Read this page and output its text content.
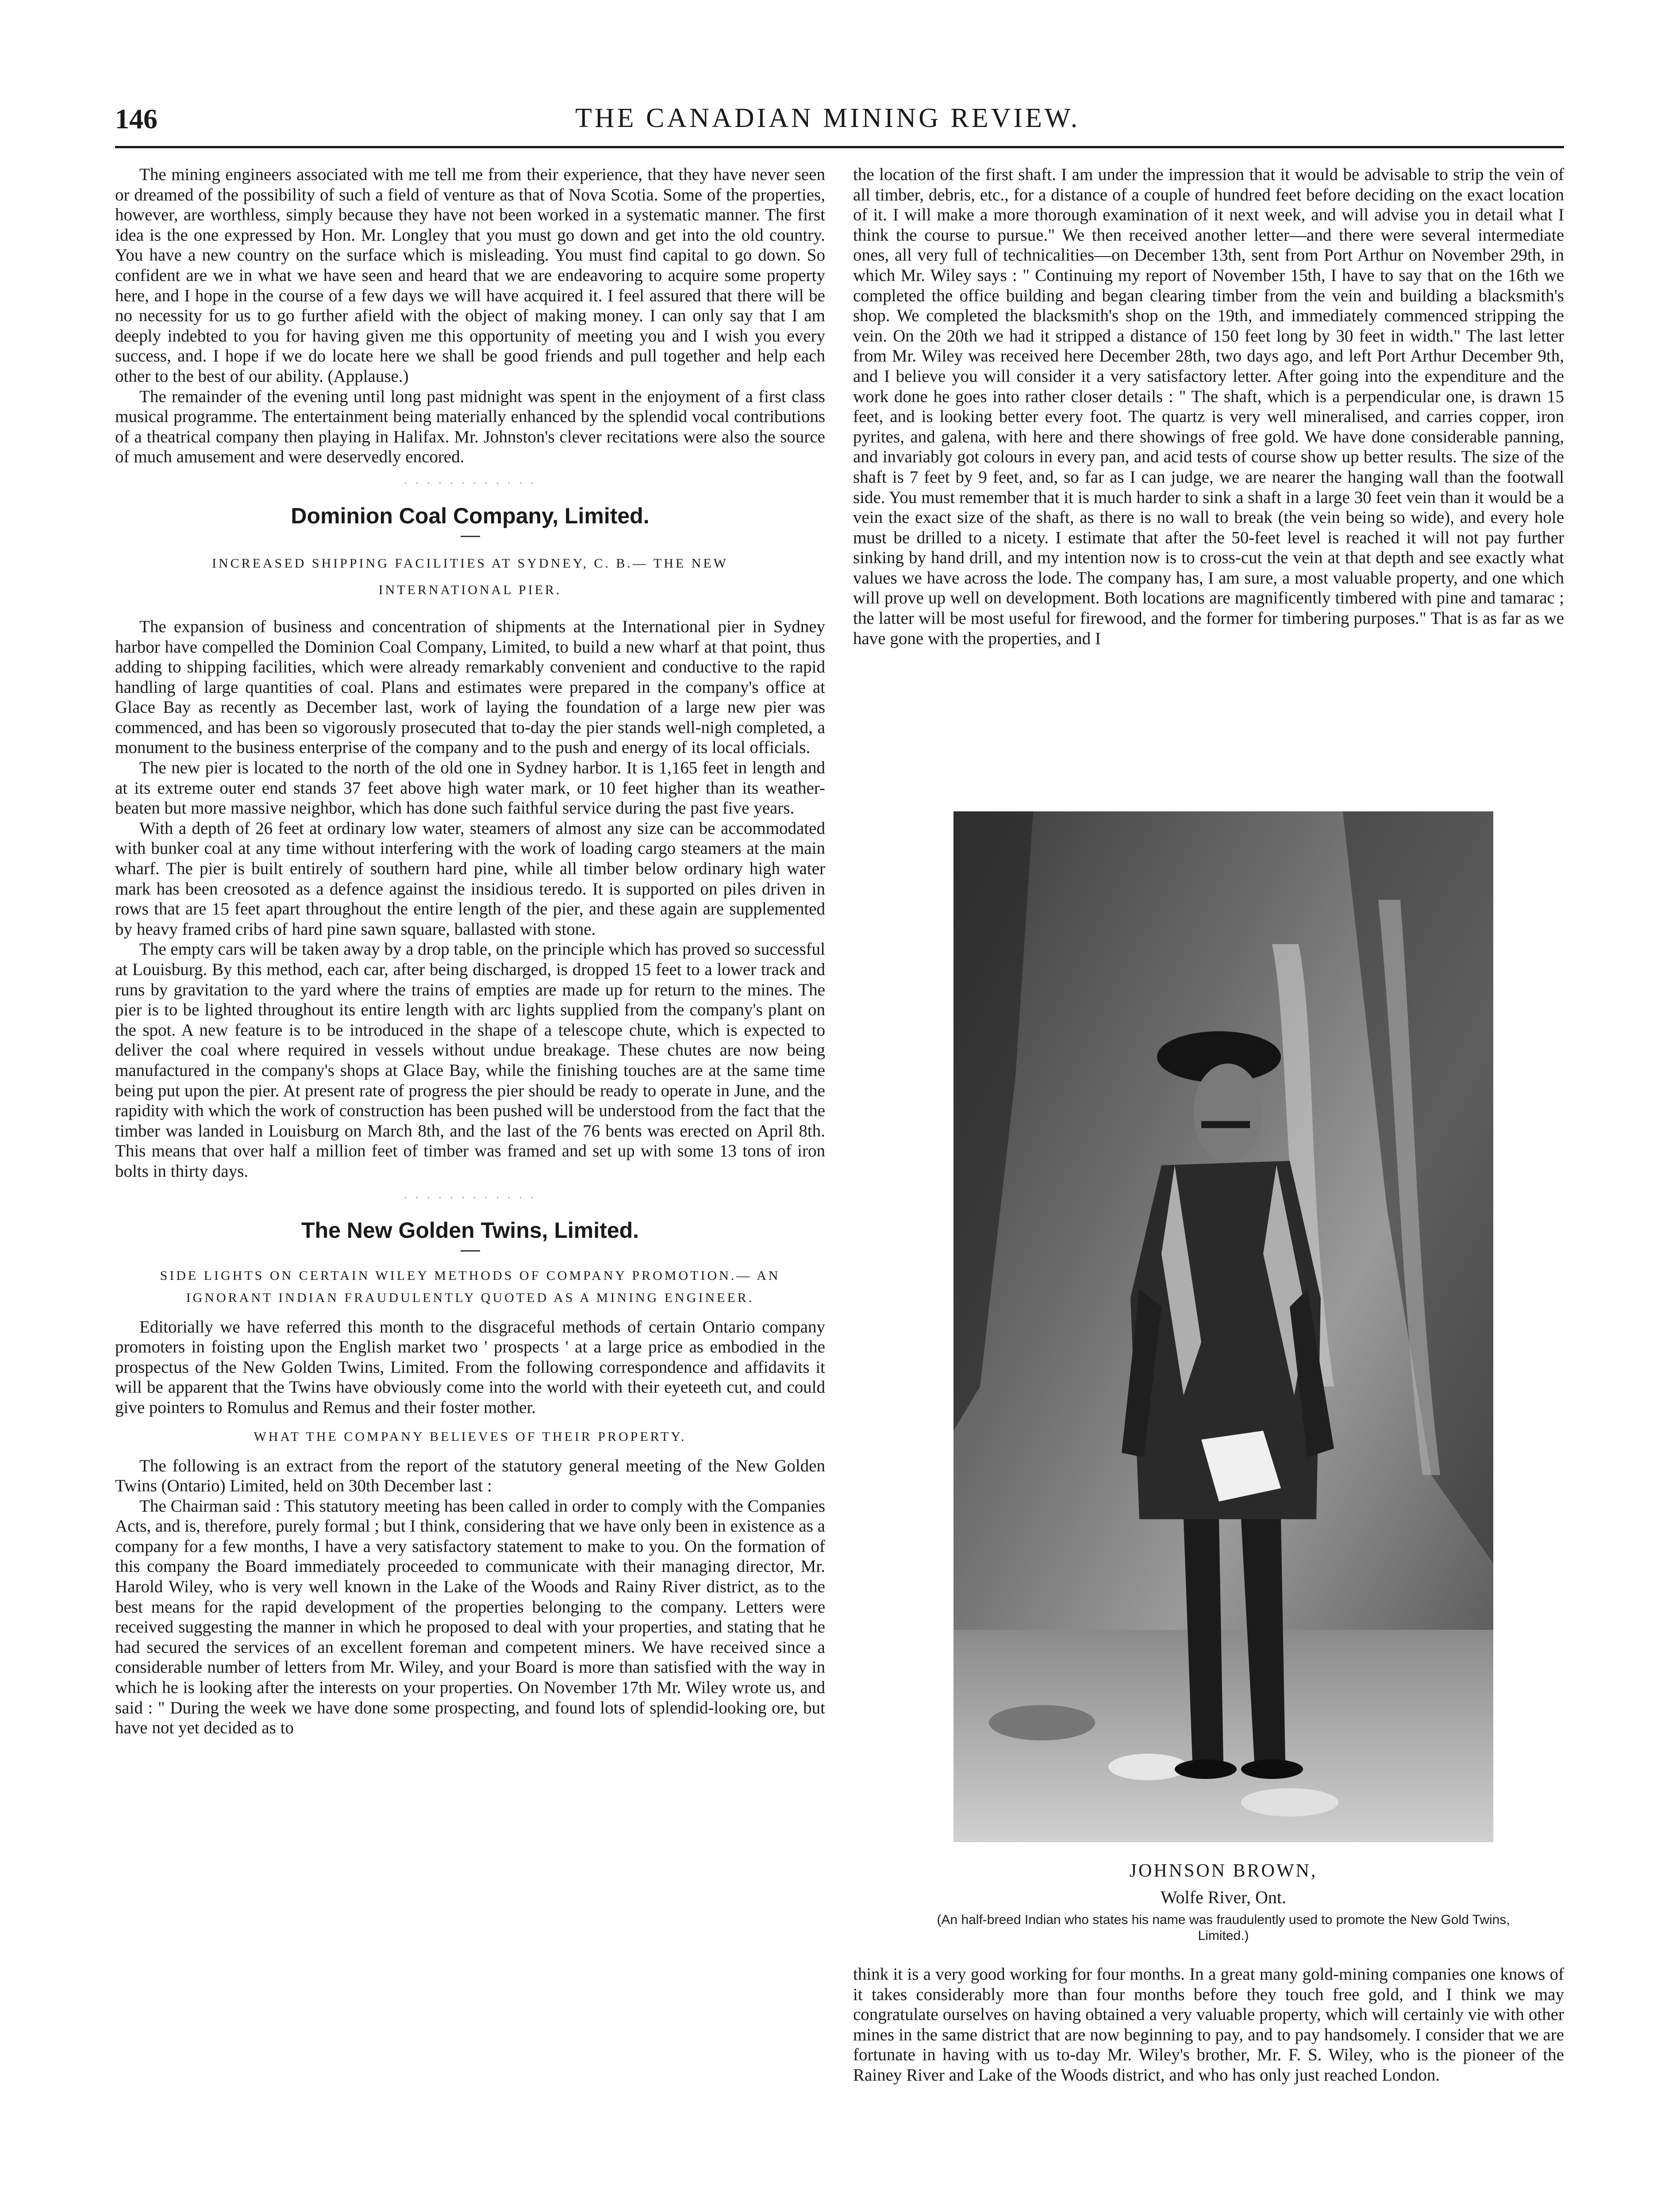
146	THE CANADIAN MINING REVIEW.

The mining engineers associated with me tell me from their experience, that they have never seen or dreamed of the possibility of such a field of venture as that of Nova Scotia. Some of the properties, however, are worthless, simply because they have not been worked in a systematic manner. The first idea is the one expressed by Hon. Mr. Longley that you must go down and get into the old country. You have a new country on the surface which is misleading. You must find capital to go down. So confident are we in what we have seen and heard that we are endeavoring to acquire some property here, and I hope in the course of a few days we will have acquired it. I feel assured that there will be no necessity for us to go further afield with the object of making money. I can only say that I am deeply indebted to you for having given me this opportunity of meeting you and I wish you every success, and. I hope if we do locate here we shall be good friends and pull together and help each other to the best of our ability. (Applause.)

The remainder of the evening until long past midnight was spent in the enjoyment of a first class musical programme. The entertainment being materially enhanced by the splendid vocal contributions of a theatrical company then playing in Halifax. Mr. Johnston's clever recitations were also the source of much amusement and were deservedly encored.

· · · · · · · · · · · ·
Dominion Coal Company, Limited.
INCREASED SHIPPING FACILITIES AT SYDNEY, C. B.— THE NEW
INTERNATIONAL PIER.

The expansion of business and concentration of shipments at the International pier in Sydney harbor have compelled the Dominion Coal Company, Limited, to build a new wharf at that point, thus adding to shipping facilities, which were already remarkably convenient and conductive to the rapid handling of large quantities of coal. Plans and estimates were prepared in the company's office at Glace Bay as recently as December last, work of laying the foundation of a large new pier was commenced, and has been so vigorously prosecuted that to-day the pier stands well-nigh completed, a monument to the business enterprise of the company and to the push and energy of its local officials.

The new pier is located to the north of the old one in Sydney harbor. It is 1,165 feet in length and at its extreme outer end stands 37 feet above high water mark, or 10 feet higher than its weather-beaten but more massive neighbor, which has done such faithful service during the past five years.

With a depth of 26 feet at ordinary low water, steamers of almost any size can be accommodated with bunker coal at any time without interfering with the work of loading cargo steamers at the main wharf. The pier is built entirely of southern hard pine, while all timber below ordinary high water mark has been creosoted as a defence against the insidious teredo. It is supported on piles driven in rows that are 15 feet apart throughout the entire length of the pier, and these again are supplemented by heavy framed cribs of hard pine sawn square, ballasted with stone.

The empty cars will be taken away by a drop table, on the principle which has proved so successful at Louisburg. By this method, each car, after being discharged, is dropped 15 feet to a lower track and runs by gravitation to the yard where the trains of empties are made up for return to the mines. The pier is to be lighted throughout its entire length with arc lights supplied from the company's plant on the spot. A new feature is to be introduced in the shape of a telescope chute, which is expected to deliver the coal where required in vessels without undue breakage. These chutes are now being manufactured in the company's shops at Glace Bay, while the finishing touches are at the same time being put upon the pier. At present rate of progress the pier should be ready to operate in June, and the rapidity with which the work of construction has been pushed will be understood from the fact that the timber was landed in Louisburg on March 8th, and the last of the 76 bents was erected on April 8th. This means that over half a million feet of timber was framed and set up with some 13 tons of iron bolts in thirty days.

· · · · · · · · · · · ·
The New Golden Twins, Limited.
SIDE LIGHTS ON CERTAIN WILEY METHODS OF COMPANY PROMOTION.— AN
IGNORANT INDIAN FRAUDULENTLY QUOTED AS A MINING ENGINEER.

Editorially we have referred this month to the disgraceful methods of certain Ontario company promoters in foisting upon the English market two ' prospects ' at a large price as embodied in the prospectus of the New Golden Twins, Limited. From the following correspondence and affidavits it will be apparent that the Twins have obviously come into the world with their eyeteeth cut, and could give pointers to Romulus and Remus and their foster mother.

WHAT THE COMPANY BELIEVES OF THEIR PROPERTY.

The following is an extract from the report of the statutory general meeting of the New Golden Twins (Ontario) Limited, held on 30th December last :

The Chairman said : This statutory meeting has been called in order to comply with the Companies Acts, and is, therefore, purely formal ; but I think, considering that we have only been in existence as a company for a few months, I have a very satisfactory statement to make to you. On the formation of this company the Board immediately proceeded to communicate with their managing director, Mr. Harold Wiley, who is very well known in the Lake of the Woods and Rainy River district, as to the best means for the rapid development of the properties belonging to the company. Letters were received suggesting the manner in which he proposed to deal with your properties, and stating that he had secured the services of an excellent foreman and competent miners. We have received since a considerable number of letters from Mr. Wiley, and your Board is more than satisfied with the way in which he is looking after the interests on your properties. On November 17th Mr. Wiley wrote us, and said : " During the week we have done some prospecting, and found lots of splendid-looking ore, but have not yet decided as to

the location of the first shaft. I am under the impression that it would be advisable to strip the vein of all timber, debris, etc., for a distance of a couple of hundred feet before deciding on the exact location of it. I will make a more thorough examination of it next week, and will advise you in detail what I think the course to pursue." We then received another letter—and there were several intermediate ones, all very full of technicalities—on December 13th, sent from Port Arthur on November 29th, in which Mr. Wiley says : " Continuing my report of November 15th, I have to say that on the 16th we completed the office building and began clearing timber from the vein and building a blacksmith's shop. We completed the blacksmith's shop on the 19th, and immediately commenced stripping the vein. On the 20th we had it stripped a distance of 150 feet long by 30 feet in width." The last letter from Mr. Wiley was received here December 28th, two days ago, and left Port Arthur December 9th, and I believe you will consider it a very satisfactory letter. After going into the expenditure and the work done he goes into rather closer details : " The shaft, which is a perpendicular one, is drawn 15 feet, and is looking better every foot. The quartz is very well mineralised, and carries copper, iron pyrites, and galena, with here and there showings of free gold. We have done considerable panning, and invariably got colours in every pan, and acid tests of course show up better results. The size of the shaft is 7 feet by 9 feet, and, so far as I can judge, we are nearer the hanging wall than the footwall side. You must remember that it is much harder to sink a shaft in a large 30 feet vein than it would be a vein the exact size of the shaft, as there is no wall to break (the vein being so wide), and every hole must be drilled to a nicety. I estimate that after the 50-feet level is reached it will not pay further sinking by hand drill, and my intention now is to cross-cut the vein at that depth and see exactly what values we have across the lode. The company has, I am sure, a most valuable property, and one which will prove up well on development. Both locations are magnificently timbered with pine and tamarac ; the latter will be most useful for firewood, and the former for timbering purposes." That is as far as we have gone with the properties, and I

JOHNSON BROWN,

Wolfe River, Ont.

(An half-breed Indian who states his name was fraudulently used to promote the New Gold Twins, Limited.)

think it is a very good working for four months. In a great many gold-mining companies one knows of it takes considerably more than four months before they touch free gold, and I think we may congratulate ourselves on having obtained a very valuable property, which will certainly vie with other mines in the same district that are now beginning to pay, and to pay handsomely. I consider that we are fortunate in having with us to-day Mr. Wiley's brother, Mr. F. S. Wiley, who is the pioneer of the Rainey River and Lake of the Woods district, and who has only just reached London.
